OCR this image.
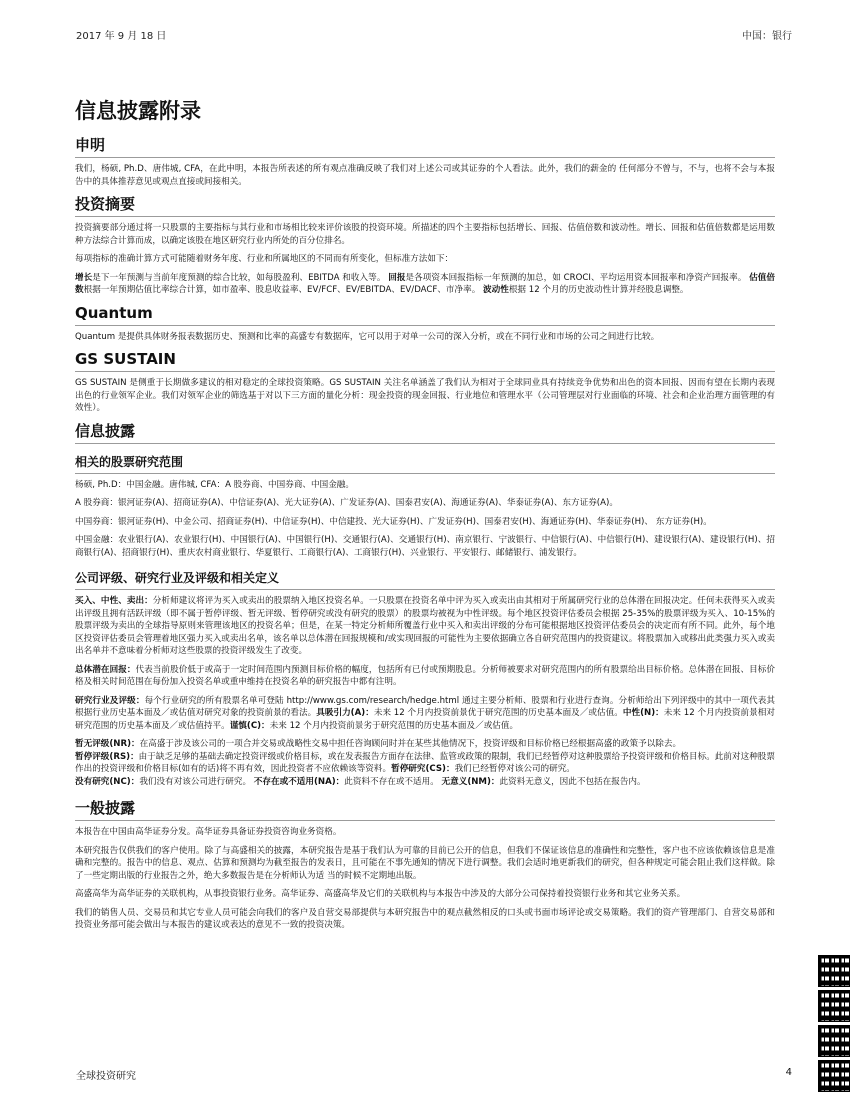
2017 年 9 月 18 日	中国：银行
信息披露附录
申明

我们，杨硕, Ph.D、唐伟城, CFA，在此申明，本报告所表述的所有观点准确反映了我们对上述公司或其证券的个人看法。此外，我们的薪金的 任何部分不曾与，不与，也将不会与本报告中的具体推荐意见或观点直接或间接相关。

投资摘要

投资摘要部分通过将一只股票的主要指标与其行业和市场相比较来评价该股的投资环境。所描述的四个主要指标包括增长、回报、估值倍数和波动性。增长、回报和估值倍数都是运用数种方法综合计算而成，以确定该股在地区研究行业内所处的百分位排名。

每项指标的准确计算方式可能随着财务年度、行业和所属地区的不同而有所变化，但标准方法如下：

增长是下一年预测与当前年度预测的综合比较，如每股盈利、EBITDA 和收入等。 回报是各项资本回报指标一年预测的加总，如 CROCI、平均运用资本回报率和净资产回报率。 估值倍数根据一年预期估值比率综合计算，如市盈率、股息收益率、EV/FCF、EV/EBITDA、EV/DACF、市净率。 波动性根据 12 个月的历史波动性计算并经股息调整。

Quantum

Quantum 是提供具体财务报表数据历史、预测和比率的高盛专有数据库，它可以用于对单一公司的深入分析，或在不同行业和市场的公司之间进行比较。

GS SUSTAIN

GS SUSTAIN 是侧重于长期做多建议的相对稳定的全球投资策略。GS SUSTAIN 关注名单涵盖了我们认为相对于全球同业具有持续竞争优势和出色的资本回报、因而有望在长期内表现出色的行业领军企业。我们对领军企业的筛选基于对以下三方面的量化分析：现金投资的现金回报、行业地位和管理水平（公司管理层对行业面临的环境、社会和企业治理方面管理的有效性）。

信息披露
相关的股票研究范围

杨硕, Ph.D：中国金融。唐伟城, CFA：A 股券商、中国券商、中国金融。

A 股券商：银河证券(A)、招商证券(A)、中信证券(A)、光大证券(A)、广发证券(A)、国泰君安(A)、海通证券(A)、华泰证券(A)、东方证券(A)。

中国券商：银河证券(H)、中金公司、招商证券(H)、中信证券(H)、中信建投、光大证券(H)、广发证券(H)、国泰君安(H)、海通证券(H)、华泰证券(H)、 东方证券(H)。

中国金融：农业银行(A)、农业银行(H)、中国银行(A)、中国银行(H)、交通银行(A)、交通银行(H)、南京银行、宁波银行、中信银行(A)、中信银行(H)、建设银行(A)、建设银行(H)、招商银行(A)、招商银行(H)、重庆农村商业银行、华夏银行、工商银行(A)、工商银行(H)、兴业银行、平安银行、邮储银行、浦发银行。

公司评级、研究行业及评级和相关定义

买入、中性、卖出：分析师建议将评为买入或卖出的股票纳入地区投资名单。一只股票在投资名单中评为买入或卖出由其相对于所属研究行业的总体潜在回报决定。任何未获得买入或卖出评级且拥有活跃评级（即不属于暂停评级、暂无评级、暂停研究或没有研究的股票）的股票均被视为中性评级。每个地区投资评估委员会根据 25-35%的股票评级为买入、10-15%的股票评级为卖出的全球指导原则来管理该地区的投资名单；但是，在某一特定分析师所覆盖行业中买入和卖出评级的分布可能根据地区投资评估委员会的决定而有所不同。此外，每个地区投资评估委员会管理着地区强力买入或卖出名单，该名单以总体潜在回报规模和/或实现回报的可能性为主要依据确立各自研究范围内的投资建议。将股票加入或移出此类强力买入或卖出名单并不意味着分析师对这些股票的投资评级发生了改变。

总体潜在回报：代表当前股价低于或高于一定时间范围内预测目标价格的幅度，包括所有已付或预期股息。分析师被要求对研究范围内的所有股票给出目标价格。总体潜在回报、目标价格及相关时间范围在每份加入投资名单或重申维持在投资名单的研究报告中都有注明。

研究行业及评级：每个行业研究的所有股票名单可登陆 http://www.gs.com/research/hedge.html 通过主要分析师、股票和行业进行查询。分析师给出下列评级中的其中一项代表其根据行业历史基本面及／或估值对研究对象的投资前景的看法。具吸引力(A)：未来 12 个月内投资前景优于研究范围的历史基本面及／或估值。中性(N)：未来 12 个月内投资前景相对研究范围的历史基本面及／或估值持平。谨慎(C)：未来 12 个月内投资前景劣于研究范围的历史基本面及／或估值。

暂无评级(NR)：在高盛于涉及该公司的一项合并交易或战略性交易中担任咨询顾问时并在某些其他情况下，投资评级和目标价格已经根据高盛的政策予以除去。
暂停评级(RS)：由于缺乏足够的基础去确定投资评级或价格目标，或在发表报告方面存在法律、监管或政策的限制，我们已经暂停对这种股票给予投资评级和价格目标。此前对这种股票作出的投资评级和价格目标(如有的话)将不再有效，因此投资者不应依赖该等资料。暂停研究(CS)：我们已经暂停对该公司的研究。
没有研究(NC)：我们没有对该公司进行研究。 不存在或不适用(NA)：此资料不存在或不适用。 无意义(NM)：此资料无意义，因此不包括在报告内。

一般披露

本报告在中国由高华证券分发。高华证券具备证券投资咨询业务资格。

本研究报告仅供我们的客户使用。除了与高盛相关的披露，本研究报告是基于我们认为可靠的目前已公开的信息，但我们不保证该信息的准确性和完整性，客户也不应该依赖该信息是准确和完整的。报告中的信息、观点、估算和预测均为截至报告的发表日，且可能在不事先通知的情况下进行调整。我们会适时地更新我们的研究，但各种规定可能会阻止我们这样做。除了一些定期出版的行业报告之外，绝大多数报告是在分析师认为适 当的时候不定期地出版。

高盛高华为高华证券的关联机构，从事投资银行业务。高华证券、高盛高华及它们的关联机构与本报告中涉及的大部分公司保持着投资银行业务和其它业务关系。

我们的销售人员、交易员和其它专业人员可能会向我们的客户及自营交易部提供与本研究报告中的观点截然相反的口头或书面市场评论或交易策略。我们的资产管理部门、自营交易部和投资业务部可能会做出与本报告的建议或表达的意见不一致的投资决策。

全球投资研究	4
